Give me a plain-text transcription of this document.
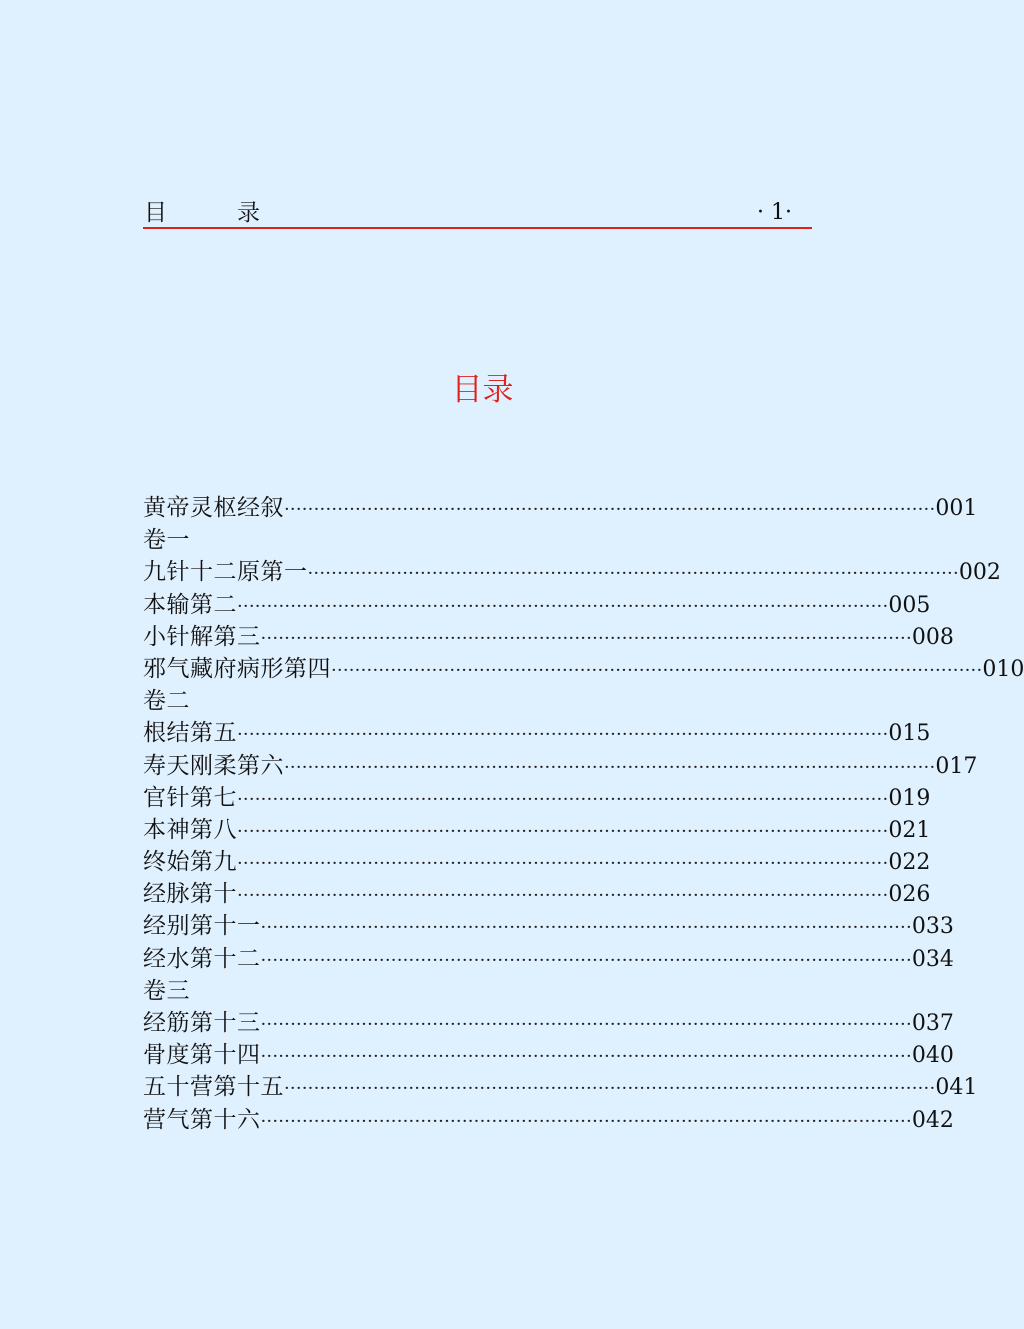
目录	· 1·
目录
黄帝灵枢经叙 ·············································································································· 001
卷一
九针十二原第一 ·············································································································· 002
本输第二 ·············································································································· 005
小针解第三 ·············································································································· 008
邪气藏府病形第四 ·············································································································· 010
卷二
根结第五 ·············································································································· 015
寿天刚柔第六 ·············································································································· 017
官针第七 ·············································································································· 019
本神第八 ·············································································································· 021
终始第九 ·············································································································· 022
经脉第十 ·············································································································· 026
经别第十一 ·············································································································· 033
经水第十二 ·············································································································· 034
卷三
经筋第十三 ·············································································································· 037
骨度第十四 ·············································································································· 040
五十营第十五 ·············································································································· 041
营气第十六 ·············································································································· 042
